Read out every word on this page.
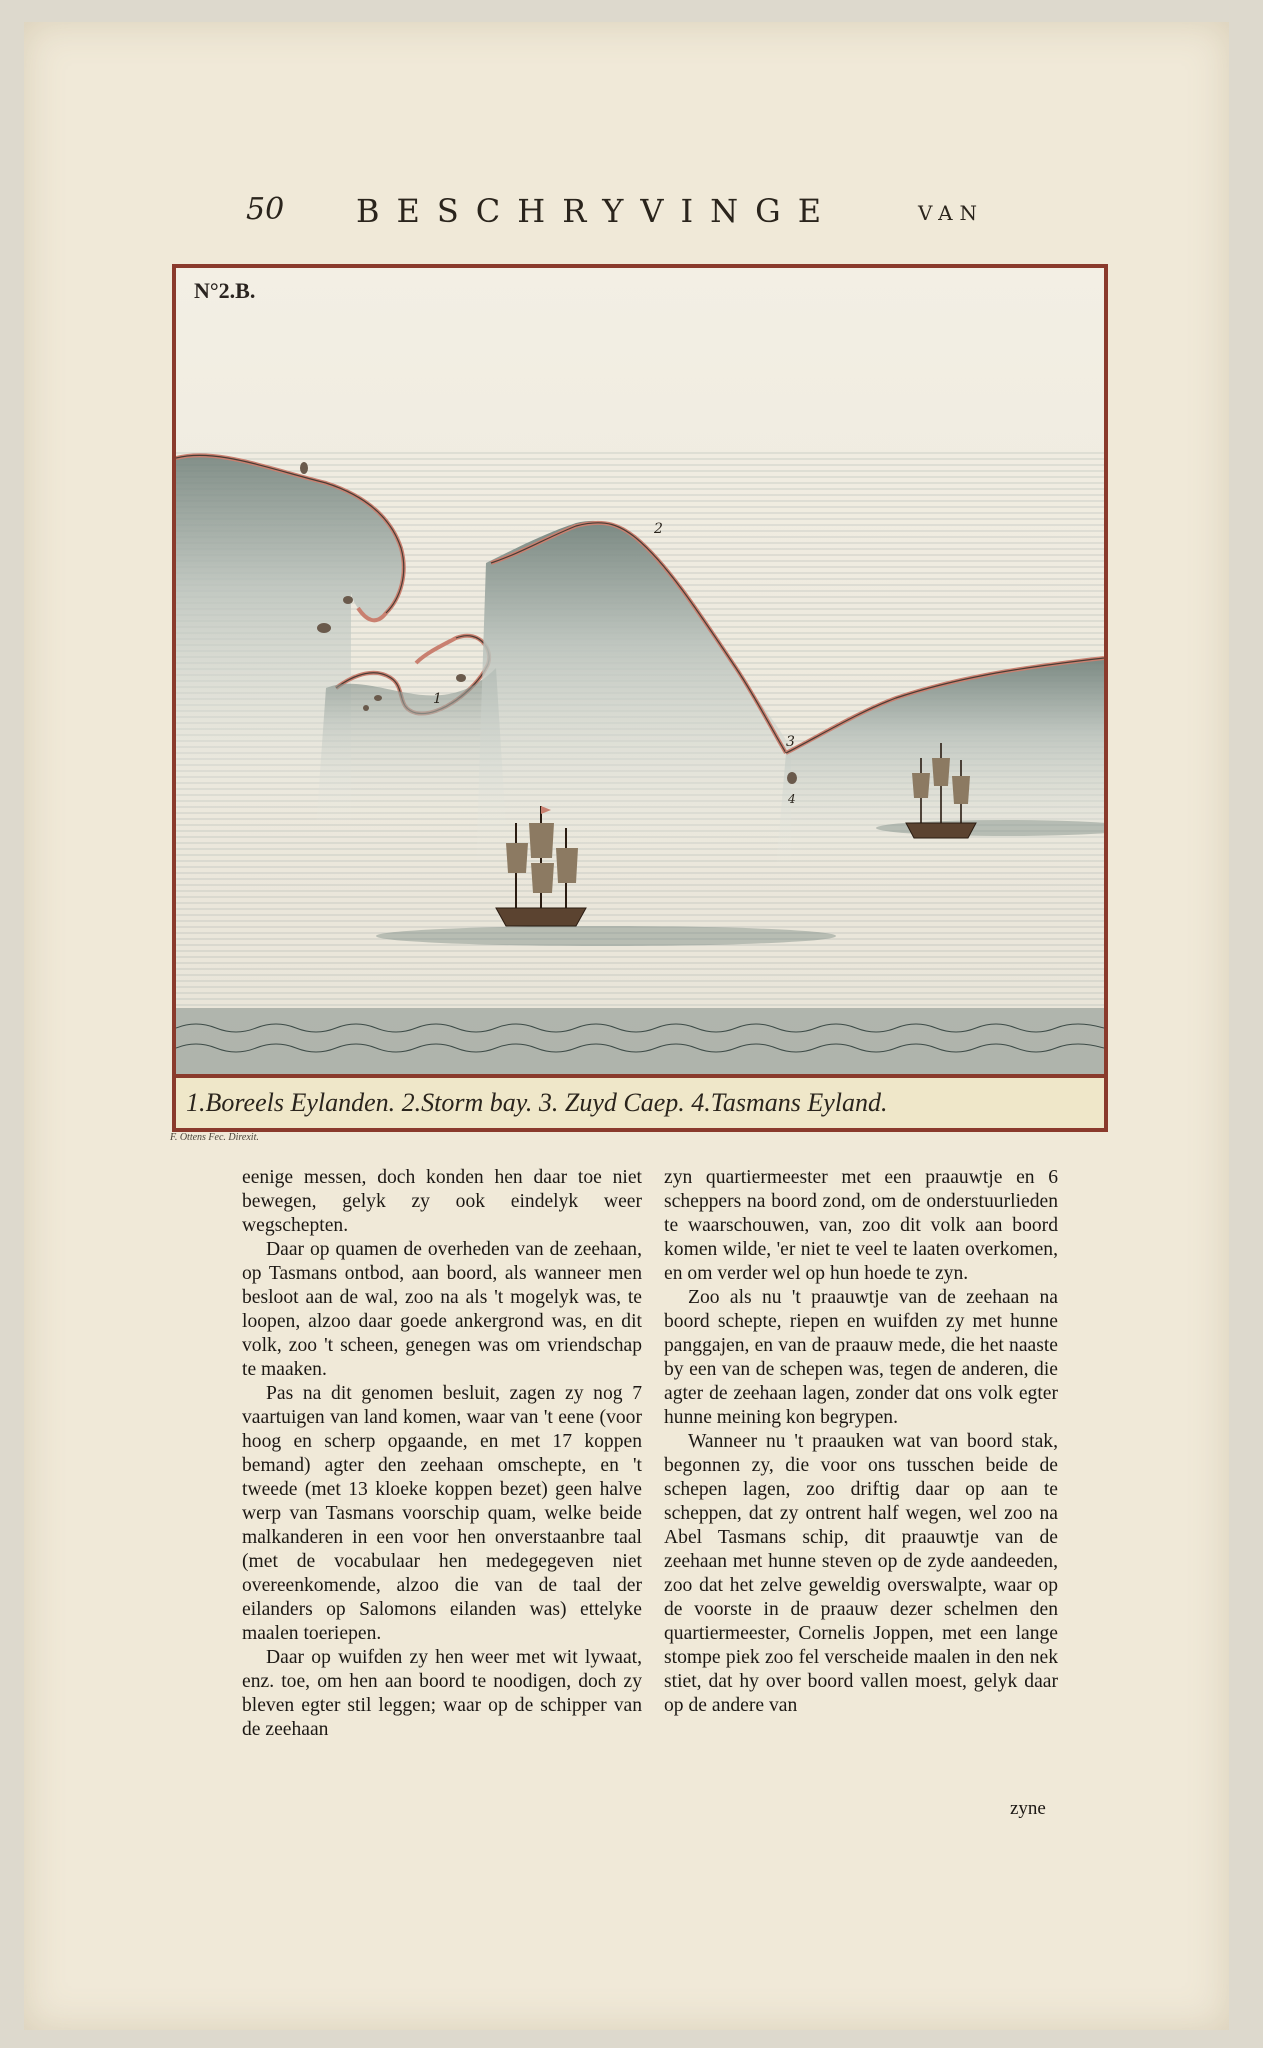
50 BESCHRYVINGE	VAN
1
2
3
4
N°2.B.
1.Boreels Eylanden. 2.Storm bay. 3. Zuyd Caep. 4.Tasmans Eyland.
F. Ottens Fec. Direxit.

eenige messen, doch konden hen daar toe niet bewegen, gelyk zy ook eindelyk weer wegschepten.

Daar op quamen de overheden van de zeehaan, op Tasmans ontbod, aan boord, als wanneer men besloot aan de wal, zoo na als 't mogelyk was, te loopen, alzoo daar goede ankergrond was, en dit volk, zoo 't scheen, genegen was om vriendschap te maaken.

Pas na dit genomen besluit, zagen zy nog 7 vaartuigen van land komen, waar van 't eene (voor hoog en scherp opgaande, en met 17 koppen bemand) agter den zeehaan omschepte, en 't tweede (met 13 kloeke koppen bezet) geen halve werp van Tasmans voorschip quam, welke beide malkanderen in een voor hen onverstaanbre taal (met de vocabulaar hen medegegeven niet overeenkomende, alzoo die van de taal der eilanders op Salomons eilanden was) ettelyke maalen toeriepen.

Daar op wuifden zy hen weer met wit lywaat, enz. toe, om hen aan boord te noodigen, doch zy bleven egter stil leggen; waar op de schipper van de zeehaan

zyn quartiermeester met een praauwtje en 6 scheppers na boord zond, om de onderstuurlieden te waarschouwen, van, zoo dit volk aan boord komen wilde, 'er niet te veel te laaten overkomen, en om verder wel op hun hoede te zyn.

Zoo als nu 't praauwtje van de zeehaan na boord schepte, riepen en wuifden zy met hunne panggajen, en van de praauw mede, die het naaste by een van de schepen was, tegen de anderen, die agter de zeehaan lagen, zonder dat ons volk egter hunne meining kon begrypen.

Wanneer nu 't praauken wat van boord stak, begonnen zy, die voor ons tusschen beide de schepen lagen, zoo driftig daar op aan te scheppen, dat zy ontrent half wegen, wel zoo na Abel Tasmans schip, dit praauwtje van de zeehaan met hunne steven op de zyde aandeeden, zoo dat het zelve geweldig overswalpte, waar op de voorste in de praauw dezer schelmen den quartiermeester, Cornelis Joppen, met een lange stompe piek zoo fel verscheide maalen in den nek stiet, dat hy over boord vallen moest, gelyk daar op de andere van

zyne
